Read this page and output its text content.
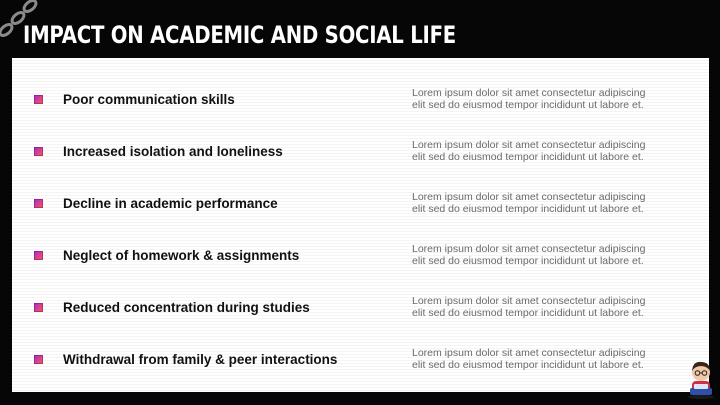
IMPACT ON ACADEMIC AND SOCIAL LIFE
Poor communication skills	Lorem ipsum dolor sit amet consectetur adipiscing
elit sed do eiusmod tempor incididunt ut labore et.
Increased isolation and loneliness	Lorem ipsum dolor sit amet consectetur adipiscing
elit sed do eiusmod tempor incididunt ut labore et.
Decline in academic performance	Lorem ipsum dolor sit amet consectetur adipiscing
elit sed do eiusmod tempor incididunt ut labore et.
Neglect of homework & assignments	Lorem ipsum dolor sit amet consectetur adipiscing
elit sed do eiusmod tempor incididunt ut labore et.
Reduced concentration during studies	Lorem ipsum dolor sit amet consectetur adipiscing
elit sed do eiusmod tempor incididunt ut labore et.
Withdrawal from family & peer interactions	Lorem ipsum dolor sit amet consectetur adipiscing
elit sed do eiusmod tempor incididunt ut labore et.
